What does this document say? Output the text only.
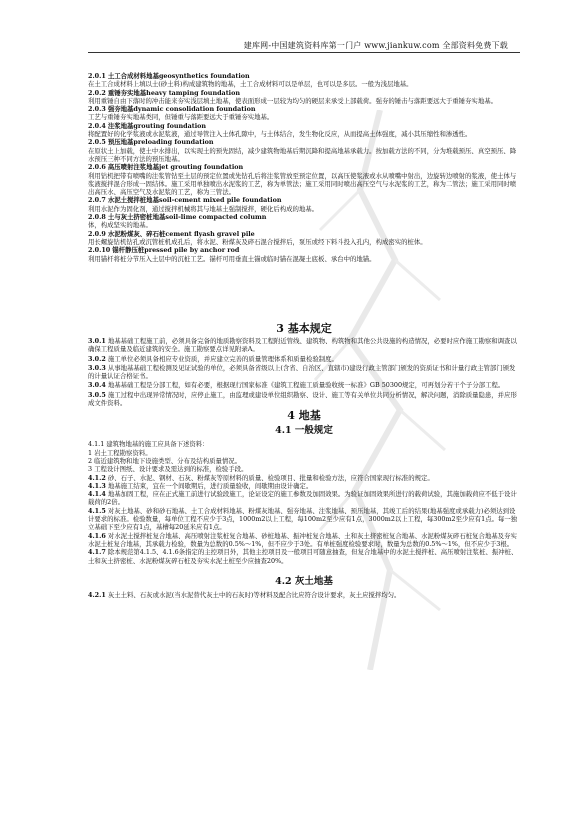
建库网-中国建筑资料库第一门户 www.jiankuw.com 全部资料免费下载
2.0.1 土工合成材料地基geosynthetics foundation
在土工合成材料上填以土(砂土料)构成建筑物的地基，土工合成材料可以是单层，也可以是多层。一般为浅层地基。
2.0.2 重锤夯实地基heavy tamping foundation
利用重锤自由下落时的冲击能来夯实浅层填土地基，使表面形成一层较为均匀的硬层来承受上部载荷。强夯的锤击与落距要远大于重锤夯实地基。
2.0.3 强夯地基dynamic consolidation foundation
工艺与重锤夯实地基类同，但锤重与落距要远大于重锤夯实地基。
2.0.4 注浆地基grouting foundation
将配置好的化学浆液或水泥浆液，通过导管注入土体孔隙中，与土体结合，发生物化反应，从而提高土体强度，减小其压缩性和渗透性。
2.0.5 预压地基preloading foundation
在原状土上加载，使土中水排出，以实现土的预先固结，减少建筑物地基后期沉降和提高地基承载力。按加载方法的不同，分为堆载预压、真空预压、降水预压三种不同方法的预压地基。
2.0.6 高压喷射注浆地基jet grouting foundation
利用钻机把带有喷嘴的注浆管钻至土层的预定位置或先钻孔后将注浆管放至预定位置，以高压使浆液或水从喷嘴中射出，边旋转边喷射的浆液，使土体与浆液搅拌混合形成一固结体。施工采用单独喷出水泥浆的工艺，称为单管法；施工采用同时喷出高压空气与水泥浆的工艺，称为二管法；施工采用同时喷出高压水、高压空气及水泥浆的工艺，称为三管法。
2.0.7 水泥土搅拌桩地基soil-cement mixed pile foundation
利用水泥作为固化剂，通过搅拌机械将其与地基土强制搅拌，硬化后构成的地基。
2.0.8 土与灰土挤密桩地基soil-lime compacted column
体，构成坚实的地基。
2.0.9 水泥粉煤灰、碎石桩cement flyash gravel pile
用长螺旋钻机钻孔或沉管桩机成孔后，将水泥、粉煤灰及碎石混合搅拌后，泵压或经下料斗投入孔内，构成密实的桩体。
2.0.10 锚杆静压桩pressed pile by anchor rod
利用锚杆将桩分节压入土层中的沉桩工艺。锚杆可用垂直土锚或临时锚在混凝土底板、承台中的地锚。
3 基本规定

3.0.1 地基基础工程施工前，必须具备完备的地质勘察资料及工程附近管线、建筑物、构筑物和其他公共设施的构造情况，必要时应作施工勘察和调查以确保工程质量及临近建筑的安全。施工勘察要点详见附录A。

3.0.2 施工单位必须具备相应专业资质，并应建立完善的质量管理体系和质量检验制度。

3.0.3 从事地基基础工程检测及见证试验的单位，必须具备省级以上(含省、自治区、直辖市)建设行政主管部门颁发的资质证书和计量行政主管部门颁发的计量认证合格证书。

3.0.4 地基基础工程是分部工程，如有必要，根据现行国家标准《建筑工程施工质量验收统一标准》GB 50300规定，可再划分若干个子分部工程。

3.0.5 施工过程中出现异常情况时，应停止施工，由监理或建设单位组织勘察、设计、施工等有关单位共同分析情况，解决问题，消除质量隐患，并应形成文件资料。

4 地基
4.1 一般规定

4.1.1 建筑物地基的施工应具备下述资料：

1 岩土工程勘察资料。

2 临近建筑物和地下设施类型、分布及结构质量情况。

3 工程设计图纸、设计要求及需达到的标准，检验手段。

4.1.2 砂、石子、水泥、钢材、石灰、粉煤灰等原材料的质量、检验项目、批量和检验方法，应符合国家现行标准的规定。

4.1.3 地基施工结束，宜在一个间歇期后，进行质量验收，间歇期由设计确定。

4.1.4 地基加固工程，应在正式施工前进行试验段施工，论证设定的施工参数及加固效果。为验证加固效果所进行的载荷试验，其施加载荷应不低于设计载荷的2倍。

4.1.5 对灰土地基、砂和砂石地基、土工合成材料地基、粉煤灰地基、强夯地基、注浆地基、预压地基，其竣工后的结果(地基强度或承载力)必须达到设计要求的标准。检验数量，每单位工程不应少于3点，1000m2以上工程，每100m2至少应有1点，3000m2以上工程，每300m2至少应有1点。每一独立基础下至少应有1点，基槽每20延米应有1点。

4.1.6 对水泥土搅拌桩复合地基、高压喷射注浆桩复合地基、砂桩地基、振冲桩复合地基、土和灰土挤密桩复合地基、水泥粉煤灰碎石桩复合地基及夯实水泥土桩复合地基，其承载力检验，数量为总数的0.5%～1%，但不应少于3处。有单桩强度检验要求时，数量为总数的0.5%～1%，但不应少于3根。

4.1.7 除本规范第4.1.5、4.1.6条指定的主控项目外，其他主控项目及一般项目可随意抽查，但复合地基中的水泥土搅拌桩、高压喷射注浆桩、振冲桩、土和灰土挤密桩、水泥粉煤灰碎石桩及夯实水泥土桩至少应抽查20%。

4.2 灰土地基

4.2.1 灰土土料、石灰或水泥(当水泥替代灰土中的石灰时)等材料及配合比应符合设计要求，灰土应搅拌均匀。
